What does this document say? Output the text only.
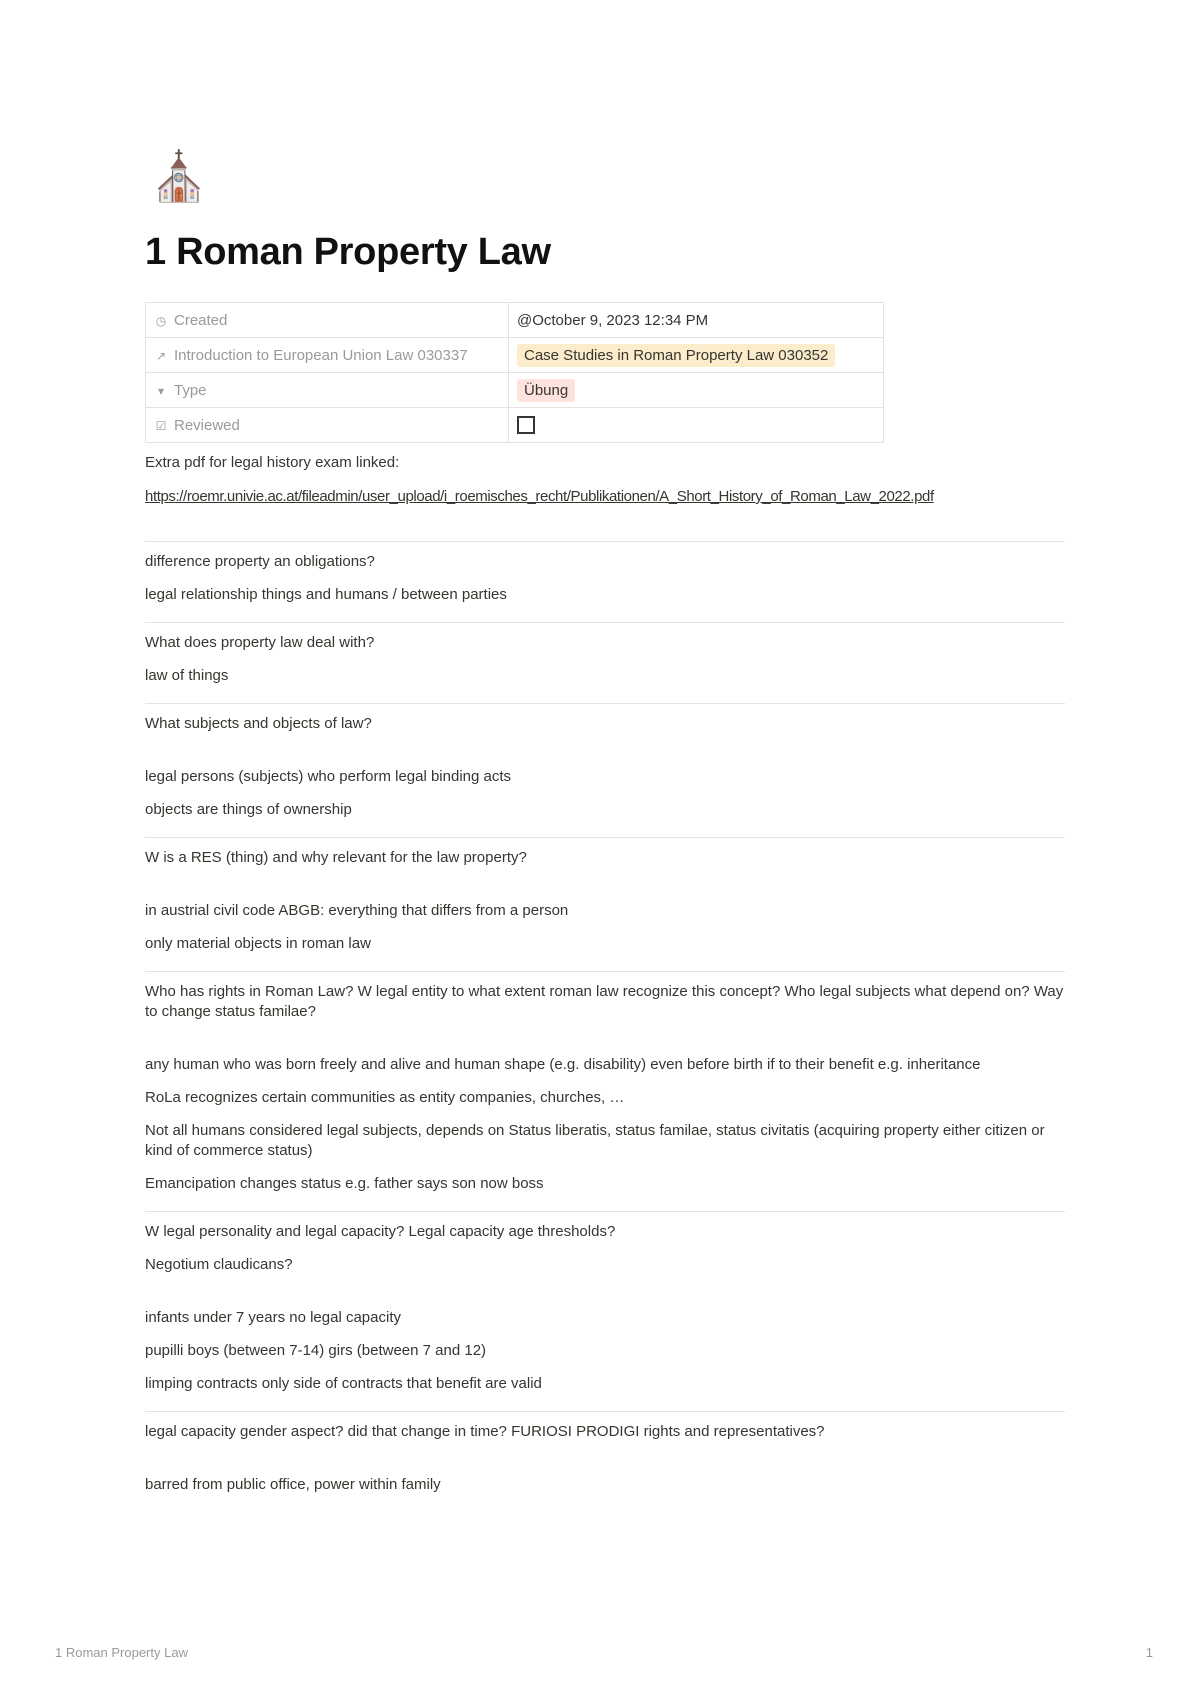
⛪
1 Roman Property Law
◷ Created	@October 9, 2023 12:34 PM
↗ Introduction to European Union Law 030337	Case Studies in Roman Property Law 030352
▾ Type	Übung
☑ Reviewed	

Extra pdf for legal history exam linked:

https://roemr.univie.ac.at/fileadmin/user_upload/i_roemisches_recht/Publikationen/A_Short_History_of_Roman_Law_2022.pdf

difference property an obligations?

legal relationship things and humans / between parties

What does property law deal with?

law of things

What subjects and objects of law?

legal persons (subjects) who perform legal binding acts

objects are things of ownership

W is a RES (thing) and why relevant for the law property?

in austrial civil code ABGB: everything that differs from a person

only material objects in roman law

Who has rights in Roman Law? W legal entity to what extent roman law recognize this concept? Who legal subjects what depend on? Way to change status familae?

any human who was born freely and alive and human shape (e.g. disability) even before birth if to their benefit e.g. inheritance

RoLa recognizes certain communities as entity companies, churches, …

Not all humans considered legal subjects, depends on Status liberatis, status familae, status civitatis (acquiring property either citizen or kind of commerce status)

Emancipation changes status e.g. father says son now boss

W legal personality and legal capacity? Legal capacity age thresholds?

Negotium claudicans?

infants under 7 years no legal capacity

pupilli boys (between 7-14) girs (between 7 and 12)

limping contracts only side of contracts that benefit are valid

legal capacity gender aspect? did that change in time? FURIOSI PRODIGI rights and representatives?

barred from public office, power within family

1 Roman Property Law	1
